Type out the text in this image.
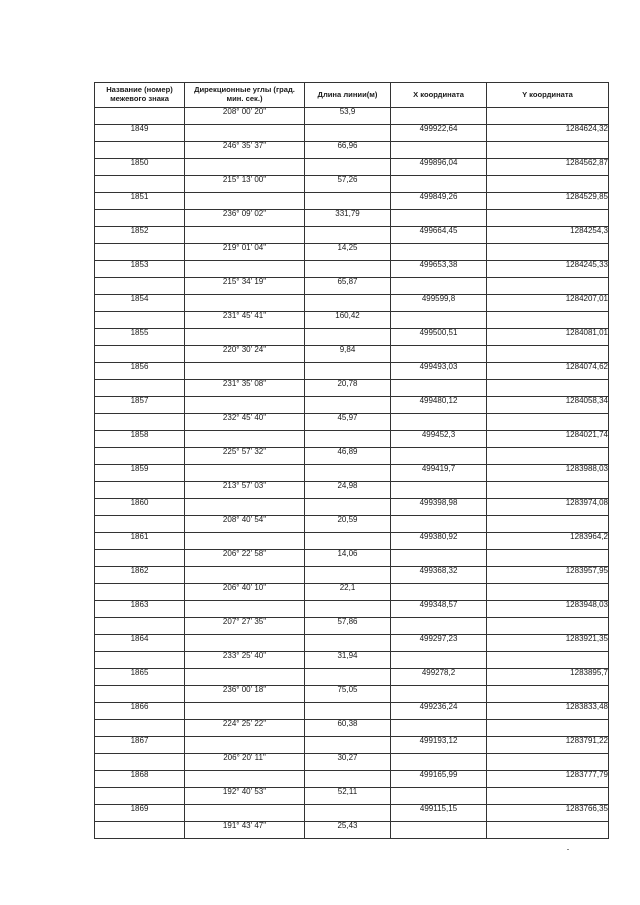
Название (номер) межевого знака	Дирекционные углы (град. мин. сек.)	Длина линии(м)	X координата	Y координата
	208° 00' 20"	53,9		
1849			499922,64	1284624,32
	246° 35' 37"	66,96		
1850			499896,04	1284562,87
	215° 13' 00"	57,26		
1851			499849,26	1284529,85
	236° 09' 02"	331,79		
1852			499664,45	1284254,3
	219° 01' 04"	14,25		
1853			499653,38	1284245,33
	215° 34' 19"	65,87		
1854			499599,8	1284207,01
	231° 45' 41"	160,42		
1855			499500,51	1284081,01
	220° 30' 24"	9,84		
1856			499493,03	1284074,62
	231° 35' 08"	20,78		
1857			499480,12	1284058,34
	232° 45' 40"	45,97		
1858			499452,3	1284021,74
	225° 57' 32"	46,89		
1859			499419,7	1283988,03
	213° 57' 03"	24,98		
1860			499398,98	1283974,08
	208° 40' 54"	20,59		
1861			499380,92	1283964,2
	206° 22' 58"	14,06		
1862			499368,32	1283957,95
	206° 40' 10"	22,1		
1863			499348,57	1283948,03
	207° 27' 35"	57,86		
1864			499297,23	1283921,35
	233° 25' 40"	31,94		
1865			499278,2	1283895,7
	236° 00' 18"	75,05		
1866			499236,24	1283833,48
	224° 25' 22"	60,38		
1867			499193,12	1283791,22
	206° 20' 11"	30,27		
1868			499165,99	1283777,79
	192° 40' 53"	52,11		
1869			499115,15	1283766,35
	191° 43' 47"	25,43		
